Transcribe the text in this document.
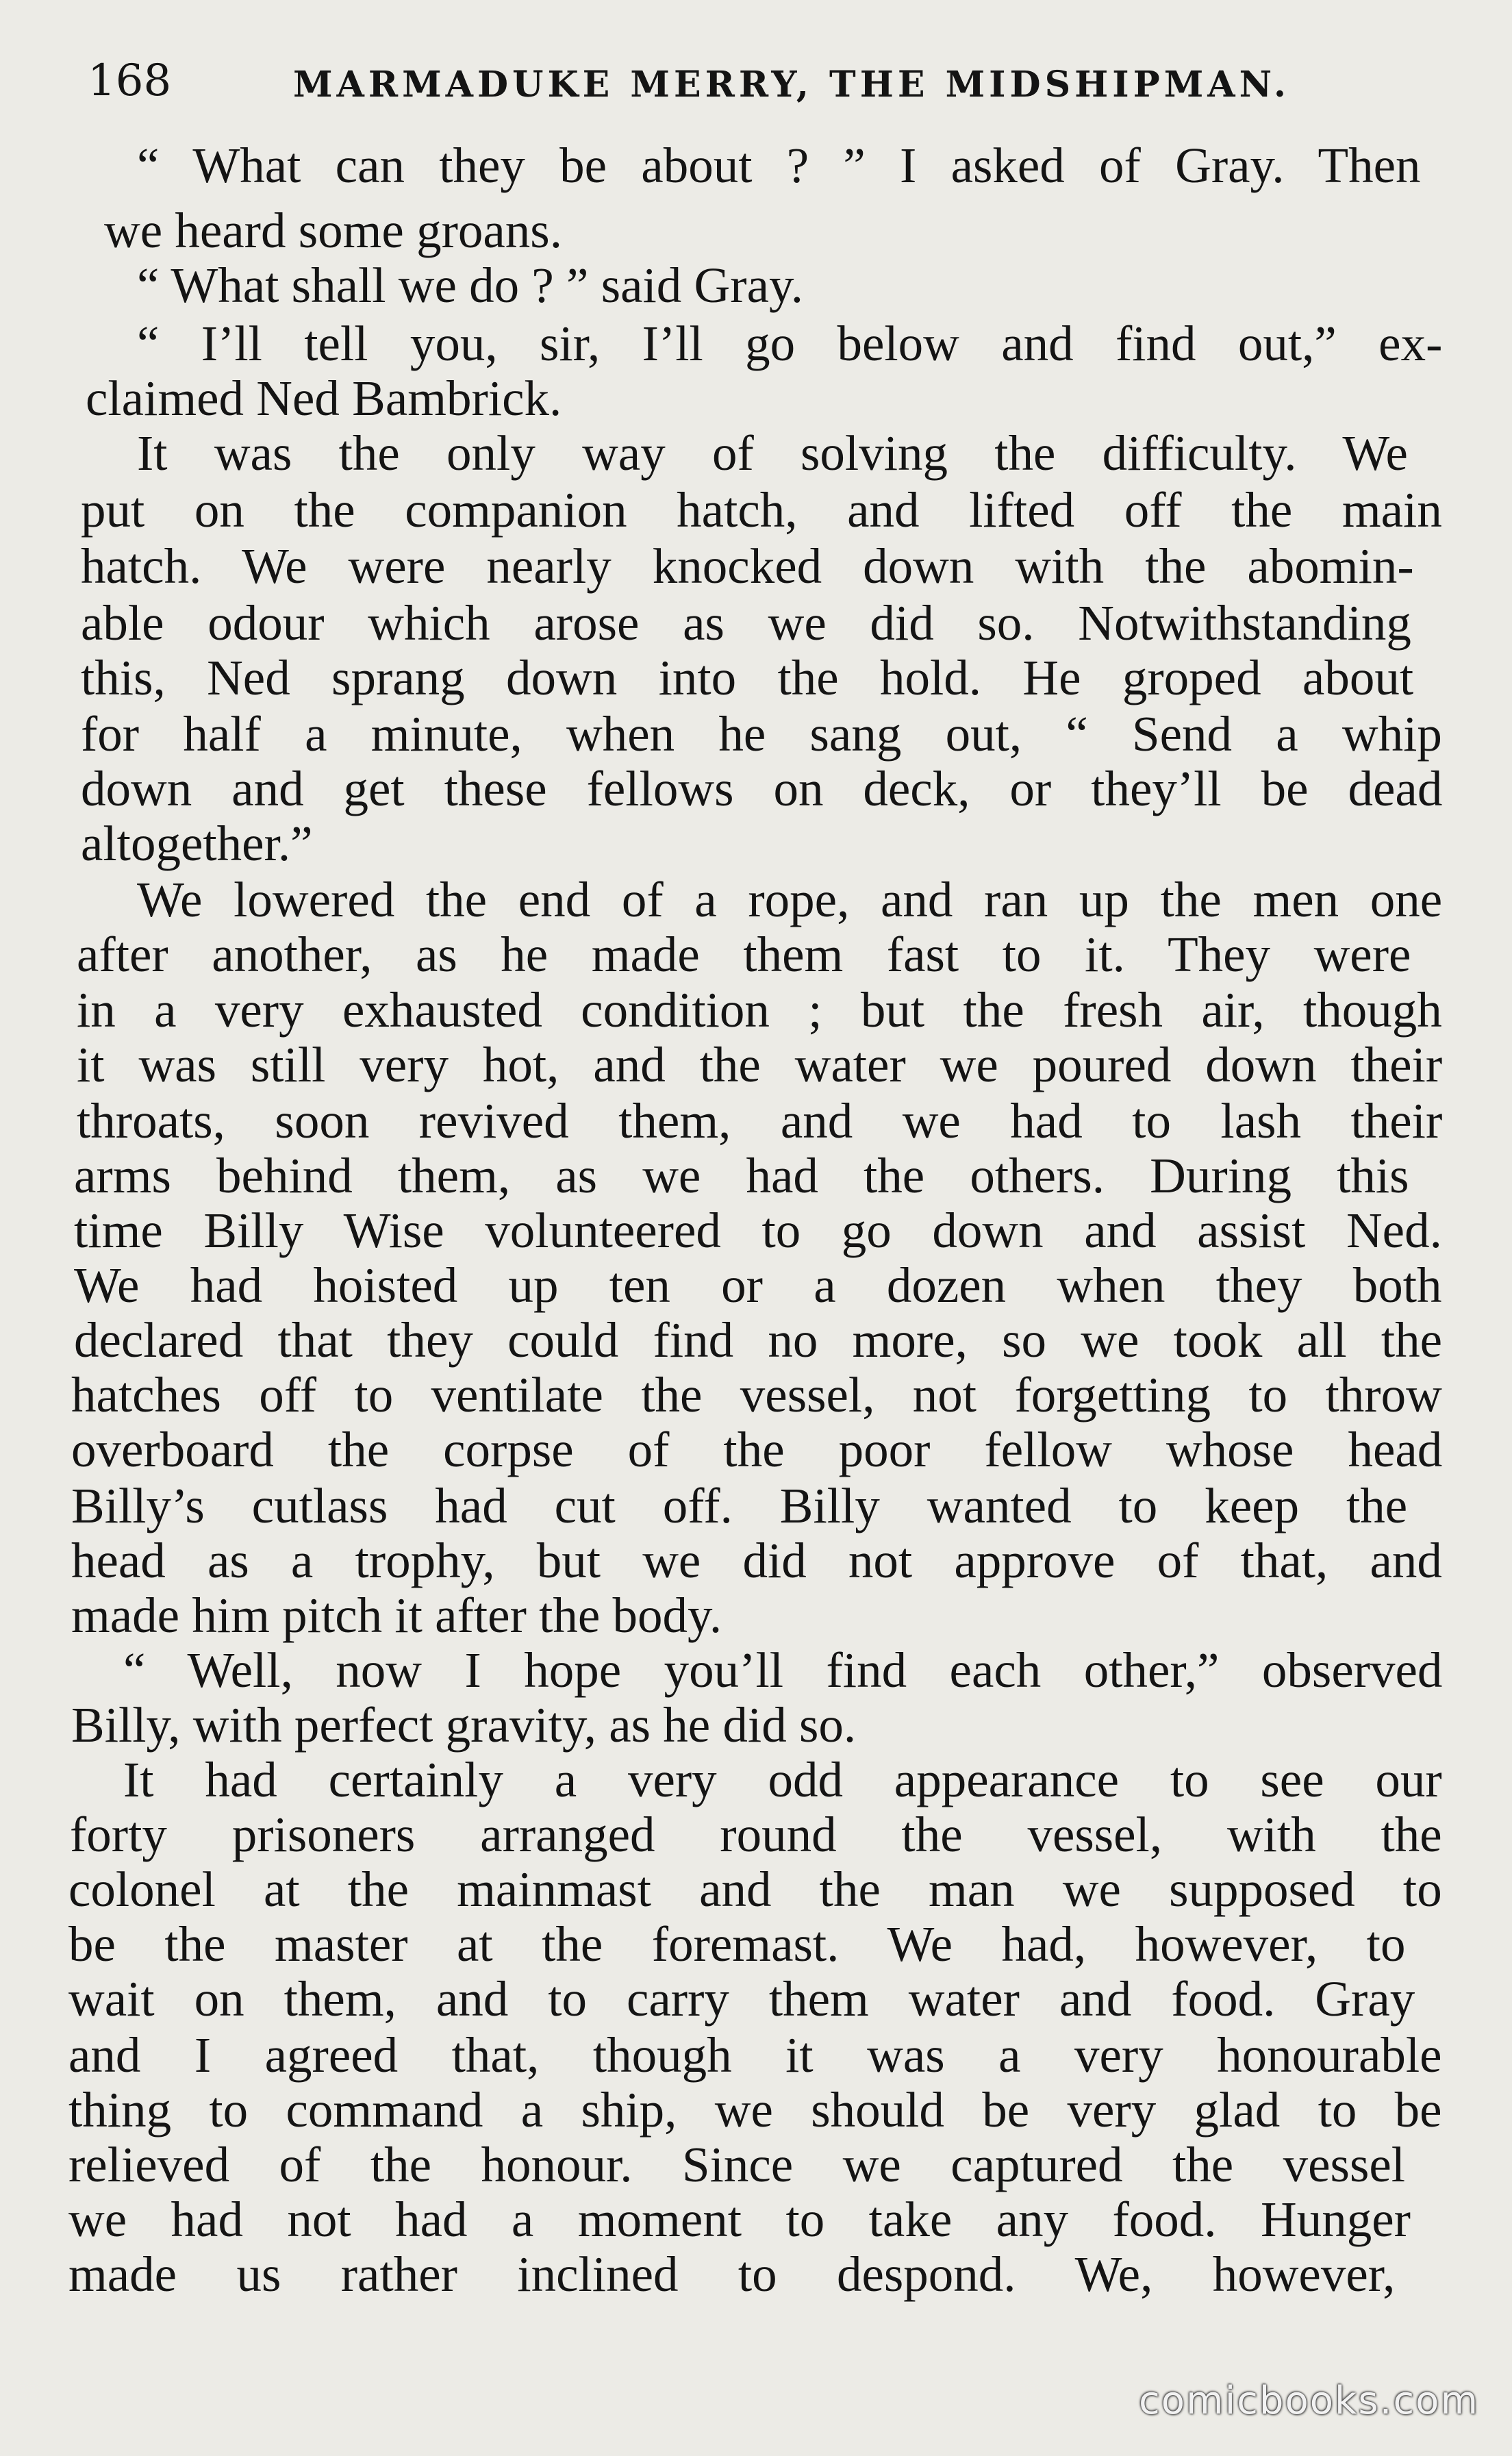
168	MARMADUKE MERRY, THE MIDSHIPMAN.
“ What can they be about ? ” I asked of Gray. Then
we heard some groans.
“ What shall we do ? ” said Gray.
“ I’ll tell you, sir, I’ll go below and find out,” ex-
claimed Ned Bambrick.
It was the only way of solving the difficulty. We
put on the companion hatch, and lifted off the main
hatch. We were nearly knocked down with the abomin-
able odour which arose as we did so. Notwithstanding
this, Ned sprang down into the hold. He groped about
for half a minute, when he sang out, “ Send a whip
down and get these fellows on deck, or they’ll be dead
altogether.”
We lowered the end of a rope, and ran up the men one
after another, as he made them fast to it. They were
in a very exhausted condition ; but the fresh air, though
it was still very hot, and the water we poured down their
throats, soon revived them, and we had to lash their
arms behind them, as we had the others. During this
time Billy Wise volunteered to go down and assist Ned.
We had hoisted up ten or a dozen when they both
declared that they could find no more, so we took all the
hatches off to ventilate the vessel, not forgetting to throw
overboard the corpse of the poor fellow whose head
Billy’s cutlass had cut off. Billy wanted to keep the
head as a trophy, but we did not approve of that, and
made him pitch it after the body.
“ Well, now I hope you’ll find each other,” observed
Billy, with perfect gravity, as he did so.
It had certainly a very odd appearance to see our
forty prisoners arranged round the vessel, with the
colonel at the mainmast and the man we supposed to
be the master at the foremast. We had, however, to
wait on them, and to carry them water and food. Gray
and I agreed that, though it was a very honourable
thing to command a ship, we should be very glad to be
relieved of the honour. Since we captured the vessel
we had not had a moment to take any food. Hunger
made us rather inclined to despond. We, however,
comicbooks.com
